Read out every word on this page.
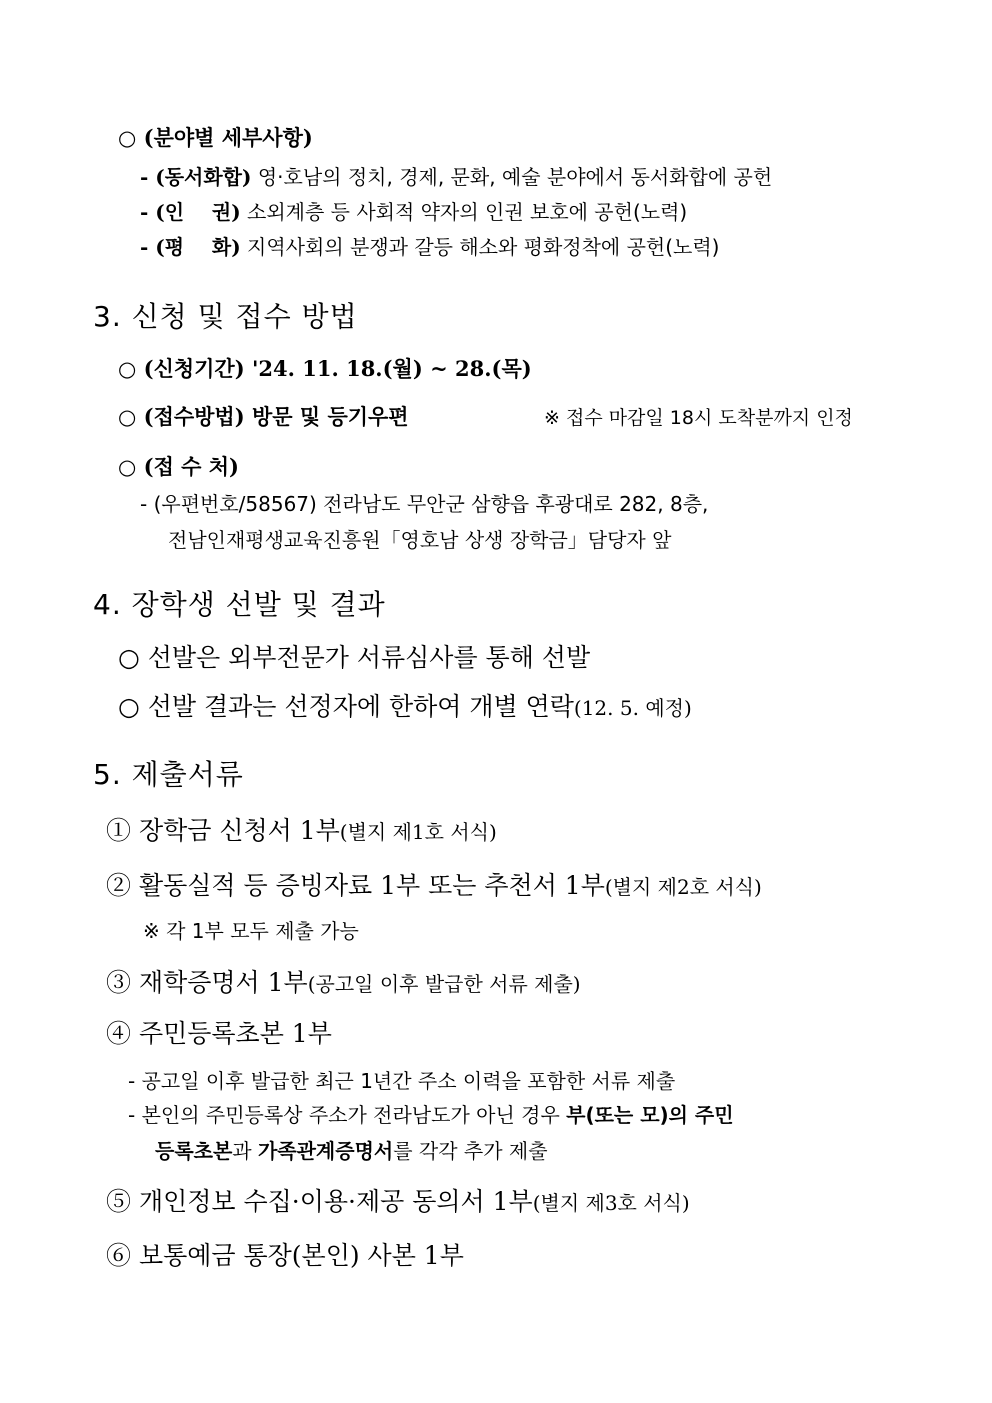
○ (분야별 세부사항)
- (동서화합) 영·호남의 정치, 경제, 문화, 예술 분야에서 동서화합에 공헌
- (인    권) 소외계층 등 사회적 약자의 인권 보호에 공헌(노력)
- (평    화) 지역사회의 분쟁과 갈등 해소와 평화정착에 공헌(노력)
3. 신청 및 접수 방법
○ (신청기간) '24. 11. 18.(월) ~ 28.(목)
○ (접수방법) 방문 및 등기우편	※ 접수 마감일 18시 도착분까지 인정
○ (접 수 처)
- (우편번호/58567) 전라남도 무안군 삼향읍 후광대로 282, 8층,
전남인재평생교육진흥원「영호남 상생 장학금」담당자 앞
4. 장학생 선발 및 결과
○ 선발은 외부전문가 서류심사를 통해 선발
○ 선발 결과는 선정자에 한하여 개별 연락(12. 5. 예정)
5. 제출서류
① 장학금 신청서 1부(별지 제1호 서식)
② 활동실적 등 증빙자료 1부 또는 추천서 1부(별지 제2호 서식)
※ 각 1부 모두 제출 가능
③ 재학증명서 1부(공고일 이후 발급한 서류 제출)
④ 주민등록초본 1부
- 공고일 이후 발급한 최근 1년간 주소 이력을 포함한 서류 제출
- 본인의 주민등록상 주소가 전라남도가 아닌 경우 부(또는 모)의 주민
등록초본과 가족관계증명서를 각각 추가 제출
⑤ 개인정보 수집·이용·제공 동의서 1부(별지 제3호 서식)
⑥ 보통예금 통장(본인) 사본 1부
